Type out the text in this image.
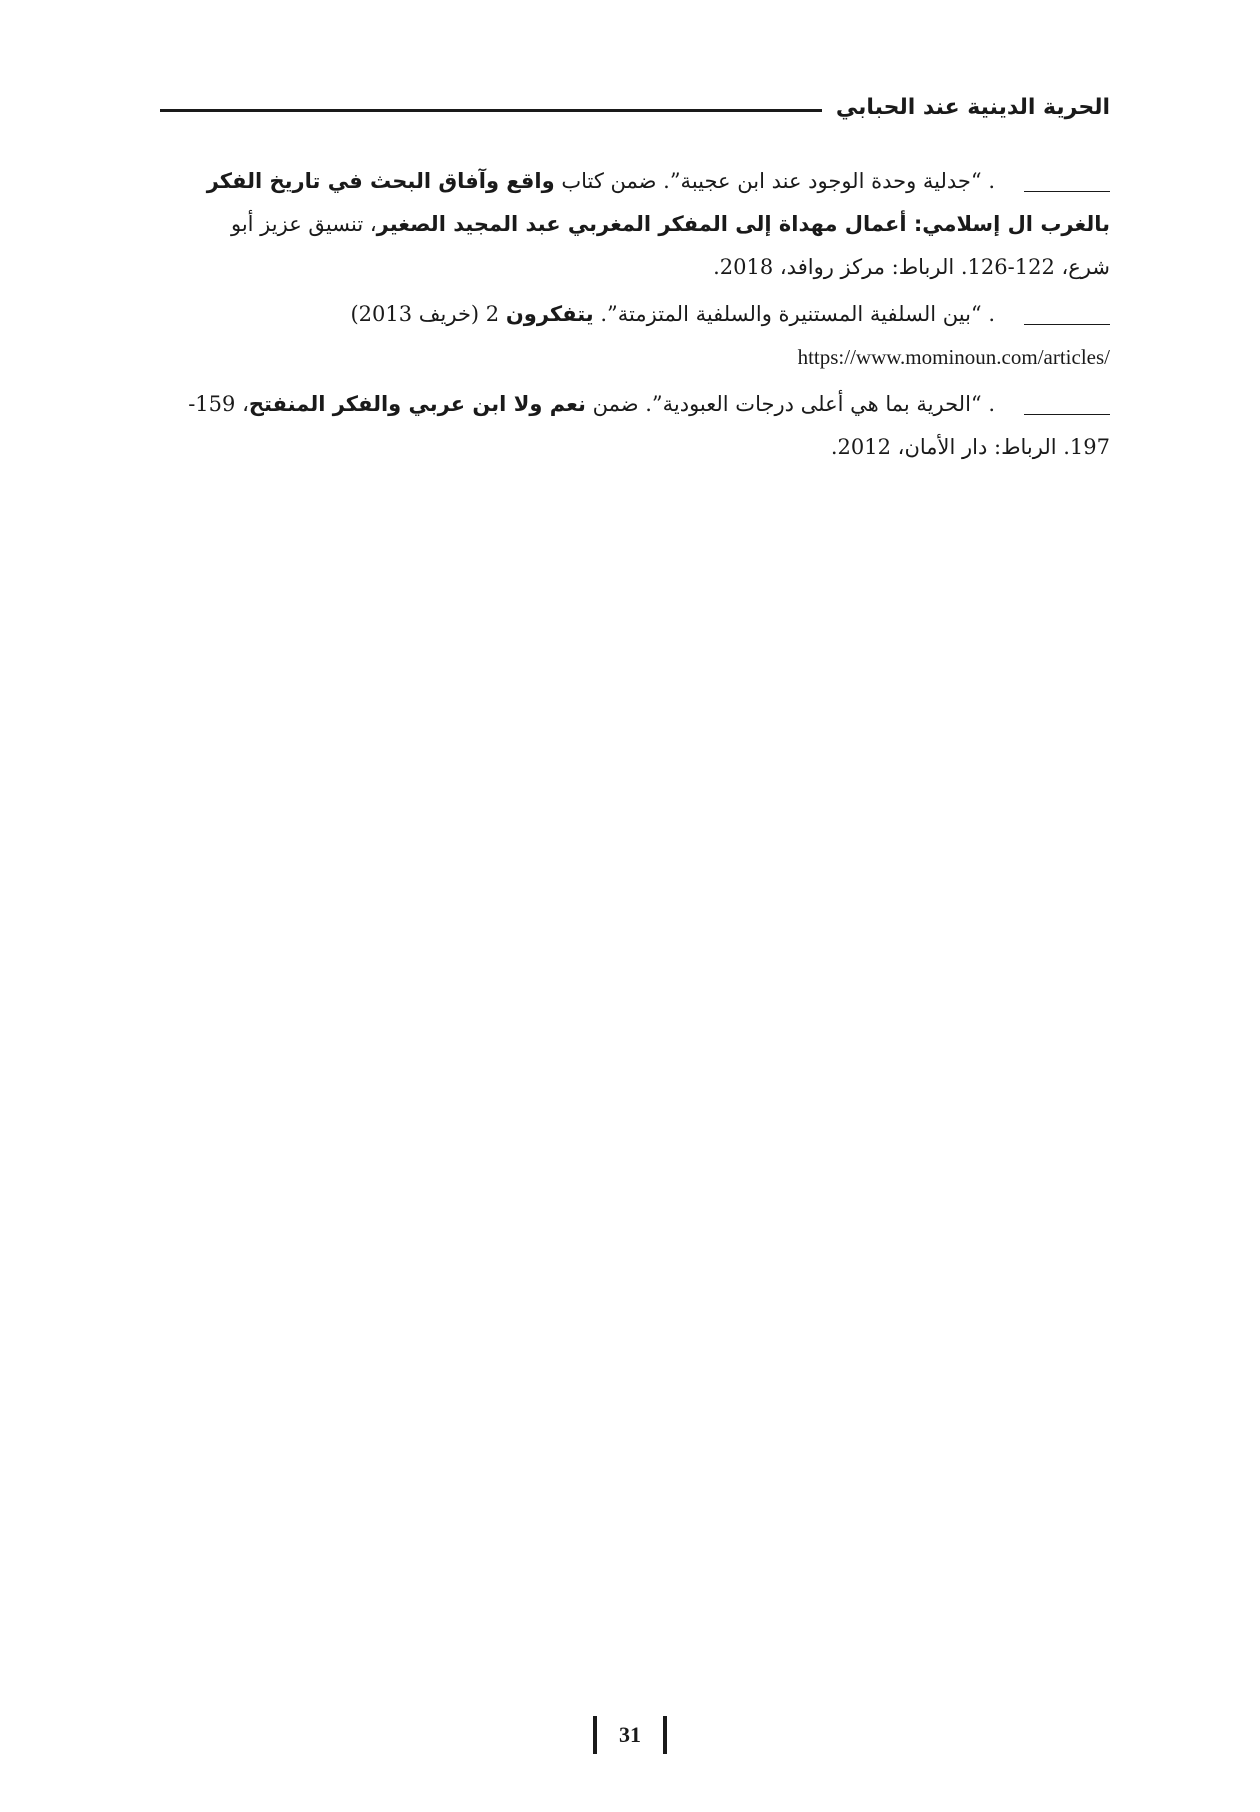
الحرية الدينية عند الحبابي
. “جدلية وحدة الوجود عند ابن عجيبة”. ضمن كتاب واقع وآفاق البحث في تاريخ الفكر
بالغرب ال إسلامي: أعمال مهداة إلى المفكر المغربي عبد المجيد الصغير، تنسيق عزيز أبو
شرع، 122-126. الرباط: مركز روافد، 2018.
. “بين السلفية المستنيرة والسلفية المتزمتة”. يتفكرون 2 (خريف 2013)
https://www.mominoun.com/articles/
. “الحرية بما هي أعلى درجات العبودية”. ضمن نعم ولا ابن عربي والفكر المنفتح، 159-
197. الرباط: دار الأمان، 2012.
31
